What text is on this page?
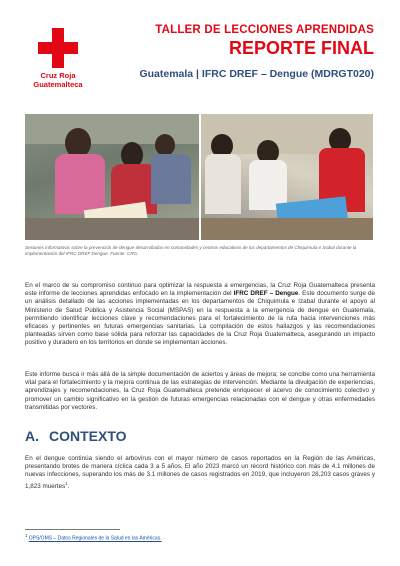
Cruz Roja
Guatemalteca
TALLER DE LECCIONES APRENDIDAS
REPORTE FINAL
Guatemala | IFRC DREF – Dengue (MDRGT020)
Sesiones informativas sobre la prevención de dengue desarrolladas en comunidades y centros educativos de los departamentos de Chiquimula e Izabal durante la implementación del IFRC DREF Dengue. Fuente: CRG.

En el marco de su compromiso continuo para optimizar la respuesta a emergencias, la Cruz Roja Guatemalteca presenta este informe de lecciones aprendidas enfocado en la implementación del IFRC DREF – Dengue. Este documento surge de un análisis detallado de las acciones implementadas en los departamentos de Chiquimula e Izabal durante el apoyo al Ministerio de Salud Pública y Asistencia Social (MSPAS) en la respuesta a la emergencia de dengue en Guatemala, permitiendo identificar lecciones clave y recomendaciones para el fortalecimiento de la ruta hacia intervenciones más eficaces y pertinentes en futuras emergencias sanitarias. La compilación de estos hallazgos y las recomendaciones planteadas sirven como base sólida para reforzar las capacidades de la Cruz Roja Guatemalteca, asegurando un impacto positivo y duradero en los territorios en donde se implementan acciones.

Este informe busca ir más allá de la simple documentación de aciertos y áreas de mejora; se concibe como una herramienta vital para el fortalecimiento y la mejora continua de las estrategias de intervención. Mediante la divulgación de experiencias, aprendizajes y recomendaciones, la Cruz Roja Guatemalteca pretende enriquecer el acervo de conocimiento colectivo y promover un cambio significativo en la gestión de futuras emergencias relacionadas con el dengue y otras enfermedades transmitidas por vectores.

A. CONTEXTO

En el dengue continúa siendo el arbovirus con el mayor número de casos reportados en la Región de las Américas, presentando brotes de manera cíclica cada 3 a 5 años. El año 2023 marcó un récord histórico con más de 4.1 millones de nuevas infecciones, superando los más de 3.1 millones de casos registrados en 2019, que incluyeron 28,203 casos graves y 1,823 muertes$^1$.

$^1$ OPS/OMS – Datos Regionales de la Salud en las Américas.
